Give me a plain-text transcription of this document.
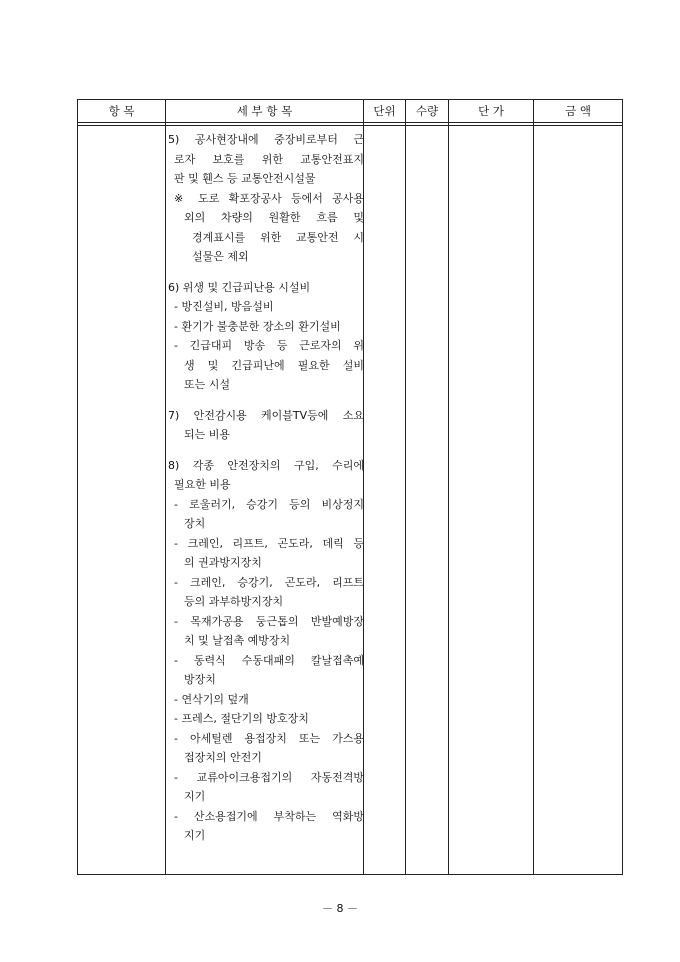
항 목	세 부 항 목	단위	수량	단 가	금 액
5) 공사현장내에 중장비로부터 근
로자 보호를 위한 교통안전표지
판 및 휀스 등 교통안전시설물
※ 도로 확포장공사 등에서 공사용
외의 차량의 원활한 흐름 및
경계표시를 위한 교통안전 시
설물은 제외
6) 위생 및 긴급피난용 시설비
- 방진설비, 방음설비
- 환기가 불충분한 장소의 환기설비
- 긴급대피 방송 등 근로자의 위
생 및 긴급피난에 필요한 설비
또는 시설
7) 안전감시용 케이블TV등에 소요
되는 비용
8) 각종 안전장치의 구입, 수리에
필요한 비용
- 로울러기, 승강기 등의 비상정지
장치
- 크레인, 리프트, 곤도라, 데릭 등
의 권과방지장치
- 크레인, 승강기, 곤도라, 리프트
등의 과부하방지장치
- 목재가공용 둥근톱의 반발예방장
치 및 날접촉 예방장치
- 동력식 수동대패의 칼날접촉예
방장치
- 연삭기의 덮개
- 프레스, 절단기의 방호장치
- 아세틸렌 용접장치 또는 가스용
접장치의 안전기
- 교류아이크용접기의 자동전격방
지기
- 산소용접기에 부착하는 역화방
지기
－ 8 －
